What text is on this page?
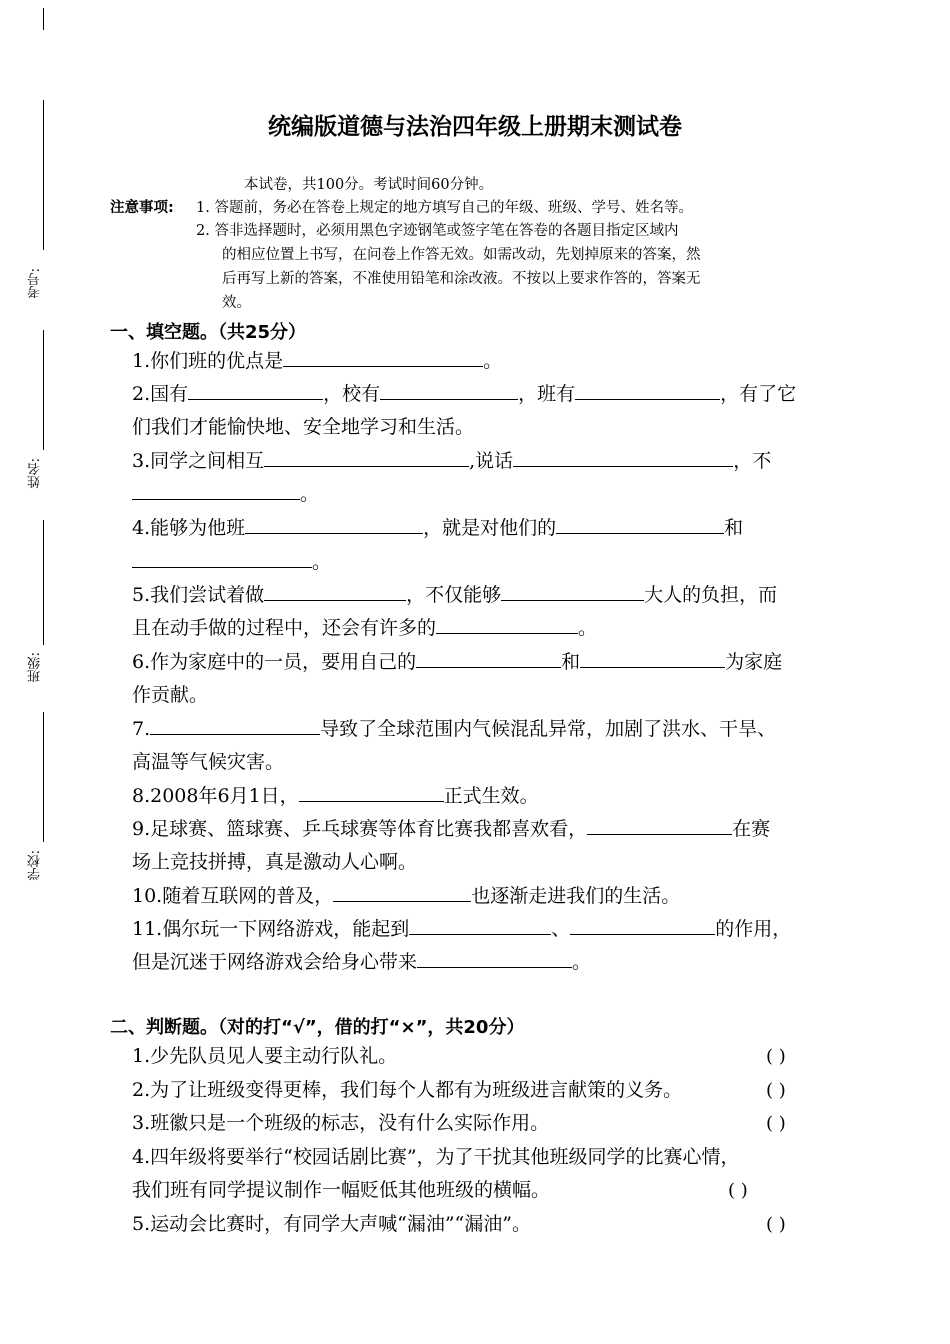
考号:
姓名:
班级:
学校:
统编版道德与法治四年级上册期末测试卷
本试卷，共100分。考试时间60分钟。
注意事项: 1. 答题前，务必在答卷上规定的地方填写自己的年级、班级、学号、姓名等。
2. 答非选择题时，必须用黑色字迹钢笔或签字笔在答卷的各题目指定区域内
的相应位置上书写，在问卷上作答无效。如需改动，先划掉原来的答案，然
后再写上新的答案，不准使用铅笔和涂改液。不按以上要求作答的，答案无
效。
一、填空题。（共25分）
1.你们班的优点是	。
2.国有	，校有	，班有	，有了它
们我们才能愉快地、安全地学习和生活。
3.同学之间相互	,说话	，不
。
4.能够为他班	，就是对他们的	和
。
5.我们尝试着做	，不仅能够	大人的负担，而
且在动手做的过程中，还会有许多的	。
6.作为家庭中的一员，要用自己的	和	为家庭
作贡献。
7.	导致了全球范围内气候混乱异常，加剧了洪水、干旱、
高温等气候灾害。
8.2008年6月1日，	正式生效。
9.足球赛、篮球赛、乒乓球赛等体育比赛我都喜欢看，	在赛
场上竞技拼搏，真是激动人心啊。
10.随着互联网的普及，	也逐渐走进我们的生活。
11.偶尔玩一下网络游戏，能起到	、	的作用，
但是沉迷于网络游戏会给身心带来	。
二、判断题。（对的打“√”，借的打“×”，共20分）
1.少先队员见人要主动行队礼。	( )
2.为了让班级变得更棒，我们每个人都有为班级进言献策的义务。	( )
3.班徽只是一个班级的标志，没有什么实际作用。	( )
4.四年级将要举行“校园话剧比赛”，为了干扰其他班级同学的比赛心情，
我们班有同学提议制作一幅贬低其他班级的横幅。	( )
5.运动会比赛时，有同学大声喊“漏油”“漏油”。	( )
